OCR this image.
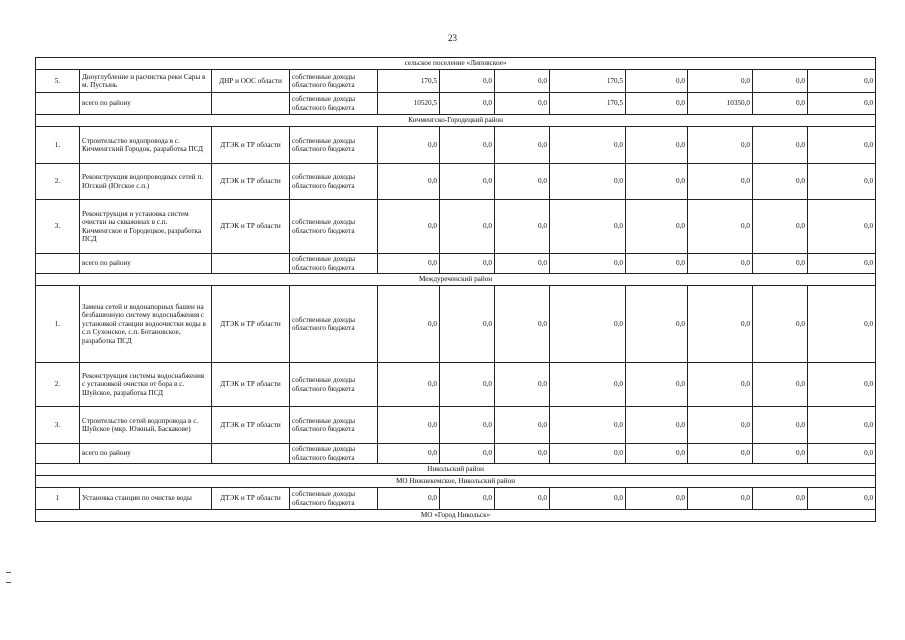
23
сельское поселение «Липовское»											
5.	Дноуглубление и расчистка реки Сары в м. Пустынь	ДНР и ООС области	собственные доходы областного бюджета	170,5	0,0	0,0	170,5	0,0	0,0	0,0	0,0
	всего по району		собственные доходы областного бюджета	10520,5	0,0	0,0	170,5	0,0	10350,0	0,0	0,0
Кичменгско-Городецкий район											
1.	Строительство водопровода в с. Кичменгский Городок, разработка ПСД	ДТЭК и ТР области	собственные доходы областного бюджета	0,0	0,0	0,0	0,0	0,0	0,0	0,0	0,0
2.	Реконструкция водопроводных сетей п. Югский (Югское с.п.)	ДТЭК и ТР области	собственные доходы областного бюджета	0,0	0,0	0,0	0,0	0,0	0,0	0,0	0,0
3.	Реконструкция и установка систем очистки на скважинах в с.п. Кичменгское и Городецкое, разработка ПСД	ДТЭК и ТР области	собственные доходы областного бюджета	0,0	0,0	0,0	0,0	0,0	0,0	0,0	0,0
	всего по району		собственные доходы областного бюджета	0,0	0,0	0,0	0,0	0,0	0,0	0,0	0,0
Междуреченский район											
1.	Замена сетей и водонапорных башен на безбашенную систему водоснабжения с установкой станции водоочистки воды в с.п Сухонское, с.п. Ботановское, разработка ПСД	ДТЭК и ТР области	собственные доходы областного бюджета	0,0	0,0	0,0	0,0	0,0	0,0	0,0	0,0
2.	Реконструкция системы водоснабжения с установкой очистки от бора в с. Шуйское, разработка ПСД	ДТЭК и ТР области	собственные доходы областного бюджета	0,0	0,0	0,0	0,0	0,0	0,0	0,0	0,0
3.	Строительство сетей водопровода в с. Шуйское (мкр. Южный, Баскакове)	ДТЭК и ТР области	собственные доходы областного бюджета	0,0	0,0	0,0	0,0	0,0	0,0	0,0	0,0
	всего по району		собственные доходы областного бюджета	0,0	0,0	0,0	0,0	0,0	0,0	0,0	0,0
Никольский район											
МО Нижнекемское, Никольский район											
1	Установка станции по очистке воды	ДТЭК и ТР области	собственные доходы областного бюджета	0,0	0,0	0,0	0,0	0,0	0,0	0,0	0,0
МО «Город Никольск»											
